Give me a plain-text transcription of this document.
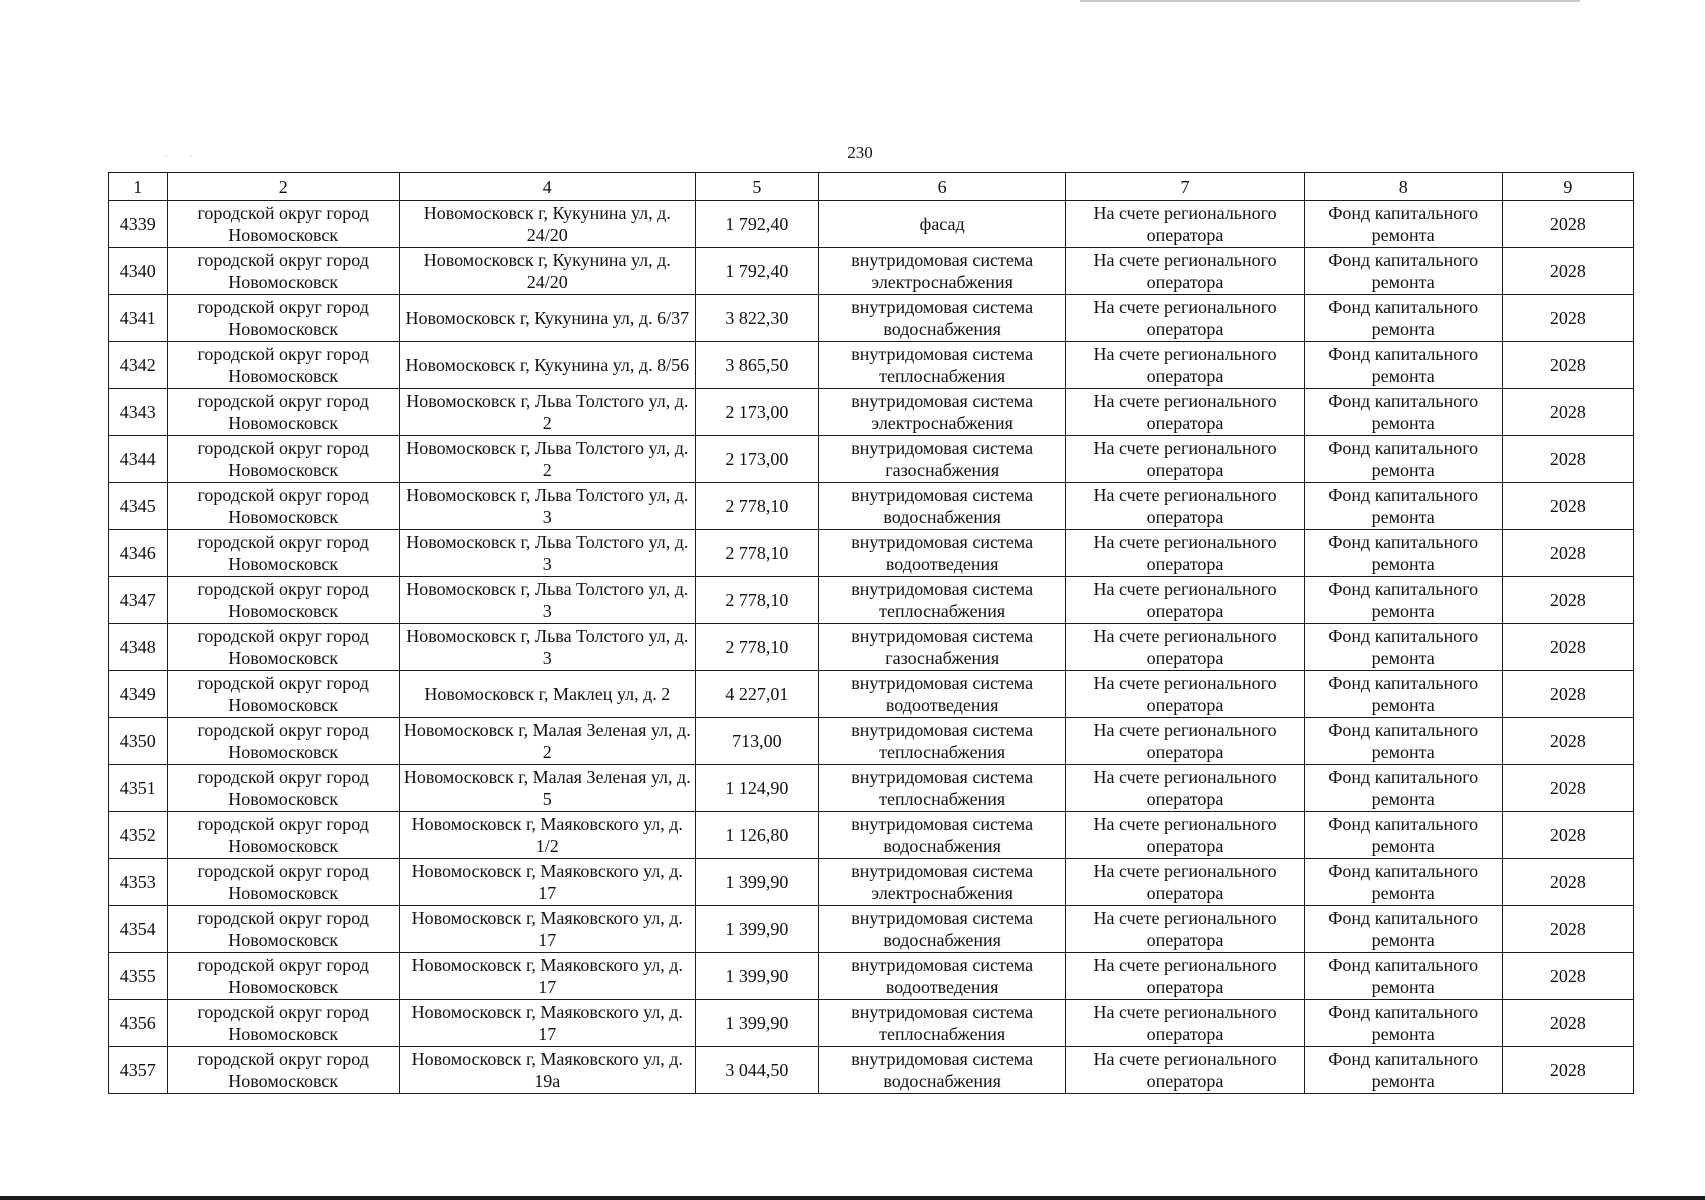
· ·	230
1	2	4	5	6	7	8	9
4339	городской округ город Новомосковск	Новомосковск г, Кукунина ул, д. 24/20	1 792,40	фасад	На счете регионального оператора	Фонд капитального ремонта	2028
4340	городской округ город Новомосковск	Новомосковск г, Кукунина ул, д. 24/20	1 792,40	внутридомовая система электроснабжения	На счете регионального оператора	Фонд капитального ремонта	2028
4341	городской округ город Новомосковск	Новомосковск г, Кукунина ул, д. 6/37	3 822,30	внутридомовая система водоснабжения	На счете регионального оператора	Фонд капитального ремонта	2028
4342	городской округ город Новомосковск	Новомосковск г, Кукунина ул, д. 8/56	3 865,50	внутридомовая система теплоснабжения	На счете регионального оператора	Фонд капитального ремонта	2028
4343	городской округ город Новомосковск	Новомосковск г, Льва Толстого ул, д. 2	2 173,00	внутридомовая система электроснабжения	На счете регионального оператора	Фонд капитального ремонта	2028
4344	городской округ город Новомосковск	Новомосковск г, Льва Толстого ул, д. 2	2 173,00	внутридомовая система газоснабжения	На счете регионального оператора	Фонд капитального ремонта	2028
4345	городской округ город Новомосковск	Новомосковск г, Льва Толстого ул, д. 3	2 778,10	внутридомовая система водоснабжения	На счете регионального оператора	Фонд капитального ремонта	2028
4346	городской округ город Новомосковск	Новомосковск г, Льва Толстого ул, д. 3	2 778,10	внутридомовая система водоотведения	На счете регионального оператора	Фонд капитального ремонта	2028
4347	городской округ город Новомосковск	Новомосковск г, Льва Толстого ул, д. 3	2 778,10	внутридомовая система теплоснабжения	На счете регионального оператора	Фонд капитального ремонта	2028
4348	городской округ город Новомосковск	Новомосковск г, Льва Толстого ул, д. 3	2 778,10	внутридомовая система газоснабжения	На счете регионального оператора	Фонд капитального ремонта	2028
4349	городской округ город Новомосковск	Новомосковск г, Маклец ул, д. 2	4 227,01	внутридомовая система водоотведения	На счете регионального оператора	Фонд капитального ремонта	2028
4350	городской округ город Новомосковск	Новомосковск г, Малая Зеленая ул, д. 2	713,00	внутридомовая система теплоснабжения	На счете регионального оператора	Фонд капитального ремонта	2028
4351	городской округ город Новомосковск	Новомосковск г, Малая Зеленая ул, д. 5	1 124,90	внутридомовая система теплоснабжения	На счете регионального оператора	Фонд капитального ремонта	2028
4352	городской округ город Новомосковск	Новомосковск г, Маяковского ул, д. 1/2	1 126,80	внутридомовая система водоснабжения	На счете регионального оператора	Фонд капитального ремонта	2028
4353	городской округ город Новомосковск	Новомосковск г, Маяковского ул, д. 17	1 399,90	внутридомовая система электроснабжения	На счете регионального оператора	Фонд капитального ремонта	2028
4354	городской округ город Новомосковск	Новомосковск г, Маяковского ул, д. 17	1 399,90	внутридомовая система водоснабжения	На счете регионального оператора	Фонд капитального ремонта	2028
4355	городской округ город Новомосковск	Новомосковск г, Маяковского ул, д. 17	1 399,90	внутридомовая система водоотведения	На счете регионального оператора	Фонд капитального ремонта	2028
4356	городской округ город Новомосковск	Новомосковск г, Маяковского ул, д. 17	1 399,90	внутридомовая система теплоснабжения	На счете регионального оператора	Фонд капитального ремонта	2028
4357	городской округ город Новомосковск	Новомосковск г, Маяковского ул, д. 19а	3 044,50	внутридомовая система водоснабжения	На счете регионального оператора	Фонд капитального ремонта	2028
